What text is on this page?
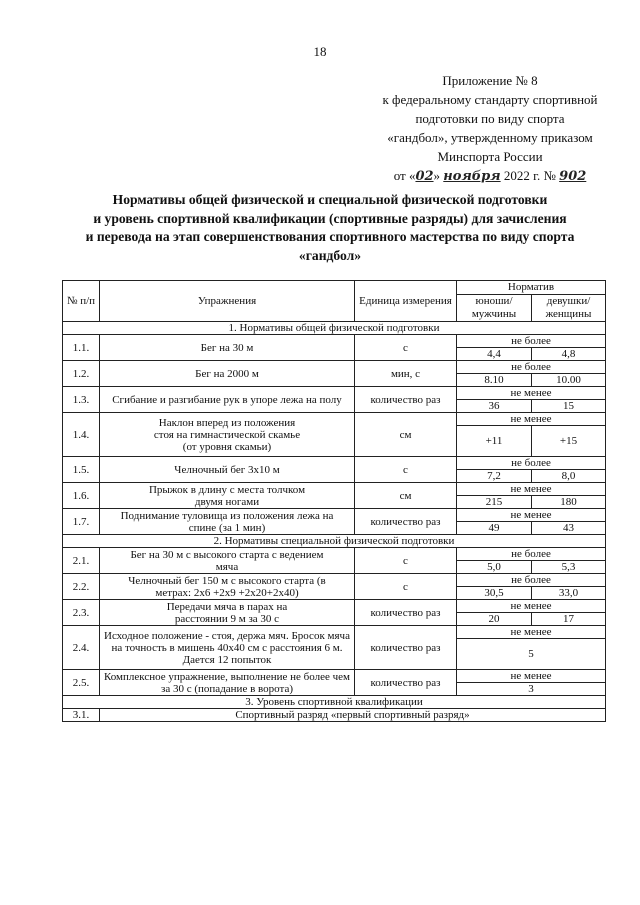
18
Приложение № 8
к федеральному стандарту спортивной
подготовки по виду спорта
«гандбол», утвержденному приказом
Минспорта России
от «02» ноября 2022 г. № 902
Нормативы общей физической и специальной физической подготовки
и уровень спортивной квалификации (спортивные разряды) для зачисления
и перевода на этап совершенствования спортивного мастерства по виду спорта
«гандбол»
№ п/п	Упражнения	Единица измерения	Норматив	
			юноши/ мужчины	девушки/ женщины
1. Нормативы общей физической подготовки				
1.1.	Бег на 30 м	с	не более	
			4,4	4,8
1.2.	Бег на 2000 м	мин, с	не более	
			8.10	10.00
1.3.	Сгибание и разгибание рук в упоре лежа на полу	количество раз	не менее	
			36	15
1.4.	Наклон вперед из положения стоя на гимнастической скамье (от уровня скамьи)	см	не менее	
			+11	+15
1.5.	Челночный бег 3х10 м	с	не более	
			7,2	8,0
1.6.	Прыжок в длину с места толчком двумя ногами	см	не менее	
			215	180
1.7.	Поднимание туловища из положения лежа на спине (за 1 мин)	количество раз	не менее	
			49	43
2. Нормативы специальной физической подготовки				
2.1.	Бег на 30 м с высокого старта с ведением мяча	с	не более	
			5,0	5,3
2.2.	Челночный бег 150 м с высокого старта (в метрах: 2х6 +2х9 +2х20+2х40)	с	не более	
			30,5	33,0
2.3.	Передачи мяча в парах на расстоянии 9 м за 30 с	количество раз	не менее	
			20	17
2.4.	Исходное положение - стоя, держа мяч. Бросок мяча на точность в мишень 40х40 см с расстояния 6 м. Дается 12 попыток	количество раз	не менее	
			5	
2.5.	Комплексное упражнение, выполнение не более чем за 30 с (попадание в ворота)	количество раз	не менее	
			3	
3. Уровень спортивной квалификации				
3.1.	Спортивный разряд «первый спортивный разряд»			
